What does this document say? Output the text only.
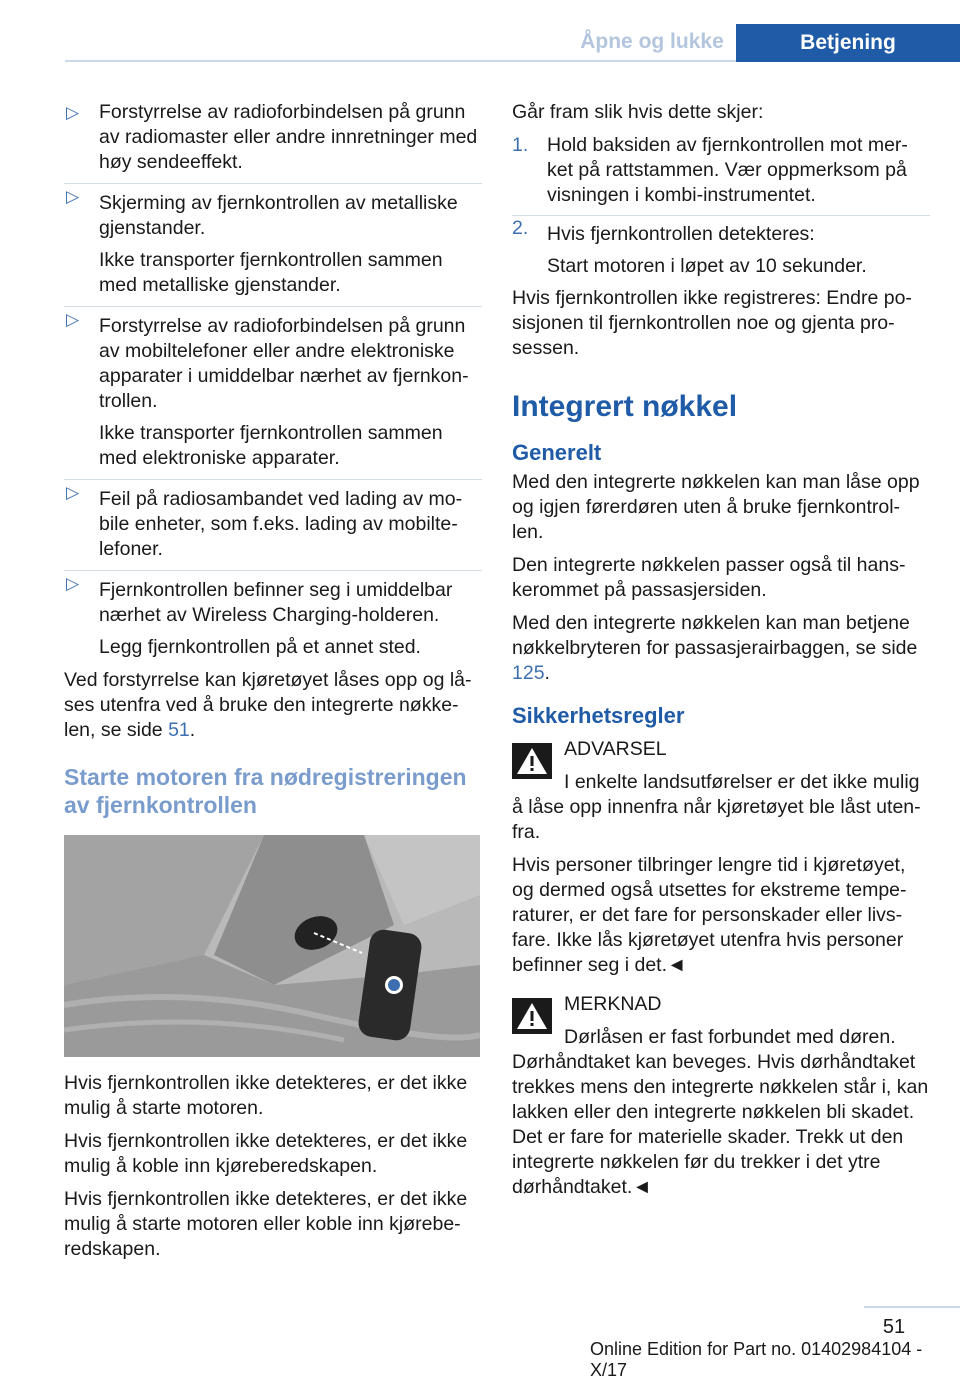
Åpne og lukke	Betjening
▷ Forstyrrelse av radioforbindelsen på grunn av radiomaster eller andre innretninger med høy sendeeffekt.
▷ Skjerming av fjernkontrollen av metalliske gjenstander.
Ikke transporter fjernkontrollen sammen med metalliske gjenstander.
▷ Forstyrrelse av radioforbindelsen på grunn av mobiltelefoner eller andre elektroniske apparater i umiddelbar nærhet av fjernkon‐trollen.
Ikke transporter fjernkontrollen sammen med elektroniske apparater.
▷ Feil på radiosambandet ved lading av mo‐bile enheter, som f.eks. lading av mobilte‐lefoner.
▷ Fjernkontrollen befinner seg i umiddelbar nærhet av Wireless Charging-holderen.
Legg fjernkontrollen på et annet sted.

Ved forstyrrelse kan kjøretøyet låses opp og lå‐ses utenfra ved å bruke den integrerte nøkke‐len, se side 51.

Starte motoren fra nødregistreringen av fjernkontrollen

Hvis fjernkontrollen ikke detekteres, er det ikke mulig å starte motoren.

Hvis fjernkontrollen ikke detekteres, er det ikke mulig å koble inn kjøreberedskapen.

Hvis fjernkontrollen ikke detekteres, er det ikke mulig å starte motoren eller koble inn kjørebe‐redskapen.

Går fram slik hvis dette skjer:

1. Hold baksiden av fjernkontrollen mot mer‐ket på rattstammen. Vær oppmerksom på visningen i kombi-instrumentet.
2. Hvis fjernkontrollen detekteres:
Start motoren i løpet av 10 sekunder.

Hvis fjernkontrollen ikke registreres: Endre po‐sisjonen til fjernkontrollen noe og gjenta pro‐sessen.

Integrert nøkkel
Generelt

Med den integrerte nøkkelen kan man låse opp og igjen førerdøren uten å bruke fjernkontrol‐len.

Den integrerte nøkkelen passer også til hans‐kerommet på passasjersiden.

Med den integrerte nøkkelen kan man betjene nøkkelbryteren for passasjerairbaggen, se side 125.

Sikkerhetsregler
ADVARSEL

I enkelte landsutførelser er det ikke mulig å låse opp innenfra når kjøretøyet ble låst uten‐fra.

Hvis personer tilbringer lengre tid i kjøretøyet, og dermed også utsettes for ekstreme tempe‐raturer, er det fare for personskader eller livs‐fare. Ikke lås kjøretøyet utenfra hvis personer befinner seg i det.◄

MERKNAD

Dørlåsen er fast forbundet med døren. Dørhåndtaket kan beveges. Hvis dørhåndtaket trekkes mens den integrerte nøkkelen står i, kan lakken eller den integrerte nøkkelen bli skadet. Det er fare for materielle skader. Trekk ut den integrerte nøkkelen før du trekker i det ytre dørhåndtaket.◄

51
Online Edition for Part no. 01402984104 - X/17
